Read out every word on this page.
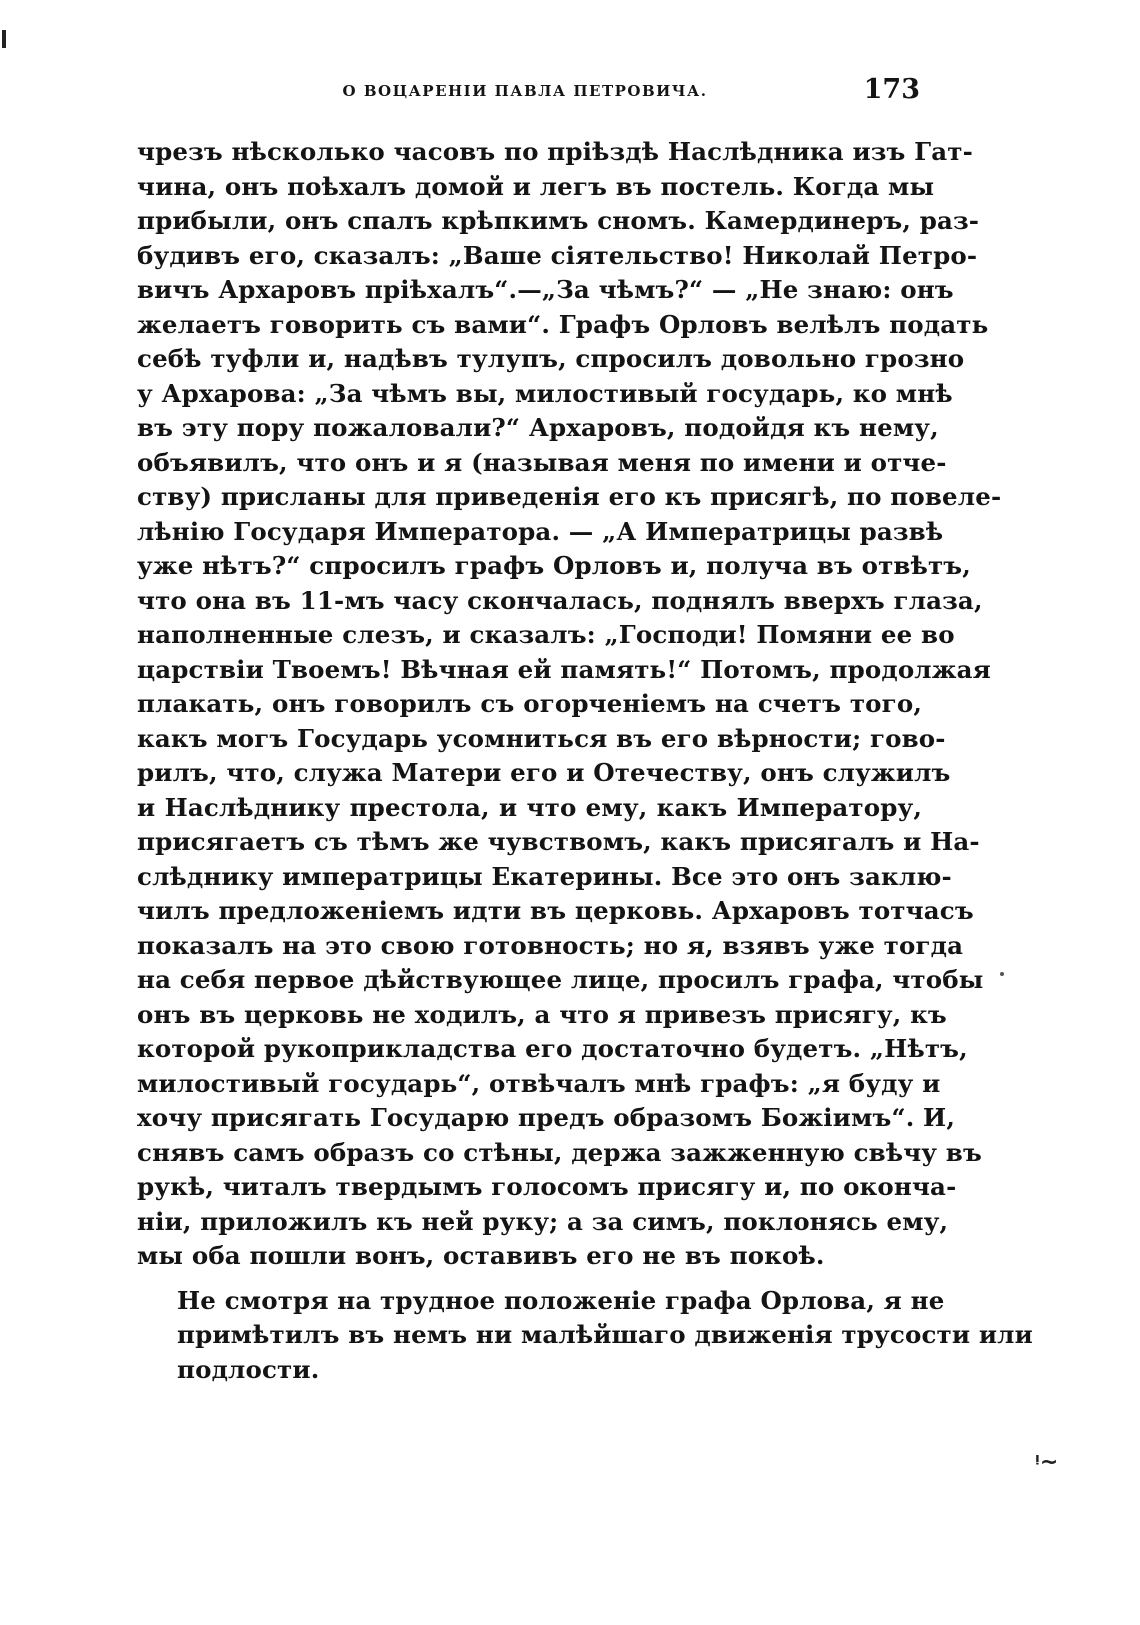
О ВОЦАРЕНІИ ПАВЛА ПЕТРОВИЧА.	173
чрезъ нѣсколько часовъ по пріѣздѣ Наслѣдника изъ Гат-
чина, онъ поѣхалъ домой и легъ въ постель. Когда мы
прибыли, онъ спалъ крѣпкимъ сномъ. Камердинеръ, раз-
будивъ его, сказалъ: „Ваше сіятельство! Николай Петро-
вичъ Архаровъ пріѣхалъ“.—„За чѣмъ?“ — „Не знаю: онъ
желаетъ говорить съ вами“. Графъ Орловъ велѣлъ подать
себѣ туфли и, надѣвъ тулупъ, спросилъ довольно грозно
у Архарова: „За чѣмъ вы, милостивый государь, ко мнѣ
въ эту пору пожаловали?“ Архаровъ, подойдя къ нему,
объявилъ, что онъ и я (называя меня по имени и отче-
ству) присланы для приведенія его къ присягѣ, по повеле-
лѣнію Государя Императора. — „А Императрицы развѣ
уже нѣтъ?“ спросилъ графъ Орловъ и, получа въ отвѣтъ,
что она въ 11-мъ часу скончалась, поднялъ вверхъ глаза,
наполненные слезъ, и сказалъ: „Господи! Помяни ее во
царствіи Твоемъ! Вѣчная ей память!“ Потомъ, продолжая
плакать, онъ говорилъ съ огорченіемъ на счетъ того,
какъ могъ Государь усомниться въ его вѣрности; гово-
рилъ, что, служа Матери его и Отечеству, онъ служилъ
и Наслѣднику престола, и что ему, какъ Императору,
присягаетъ съ тѣмъ же чувствомъ, какъ присягалъ и На-
слѣднику императрицы Екатерины. Все это онъ заклю-
чилъ предложеніемъ идти въ церковь. Архаровъ тотчасъ
показалъ на это свою готовность; но я, взявъ уже тогда
на себя первое дѣйствующее лице, просилъ графа, чтобы
онъ въ церковь не ходилъ, а что я привезъ присягу, къ
которой рукоприкладства его достаточно будетъ. „Нѣтъ,
милостивый государь“, отвѣчалъ мнѣ графъ: „я буду и
хочу присягать Государю предъ образомъ Божіимъ“. И,
снявъ самъ образъ со стѣны, держа зажженную свѣчу въ
рукѣ, читалъ твердымъ голосомъ присягу и, по оконча-
ніи, приложилъ къ ней руку; а за симъ, поклонясь ему,
мы оба пошли вонъ, оставивъ его не въ покоѣ.
Не смотря на трудное положеніе графа Орлова, я не
примѣтилъ въ немъ ни малѣйшаго движенія трусости или
подлости.
ᵎ~
